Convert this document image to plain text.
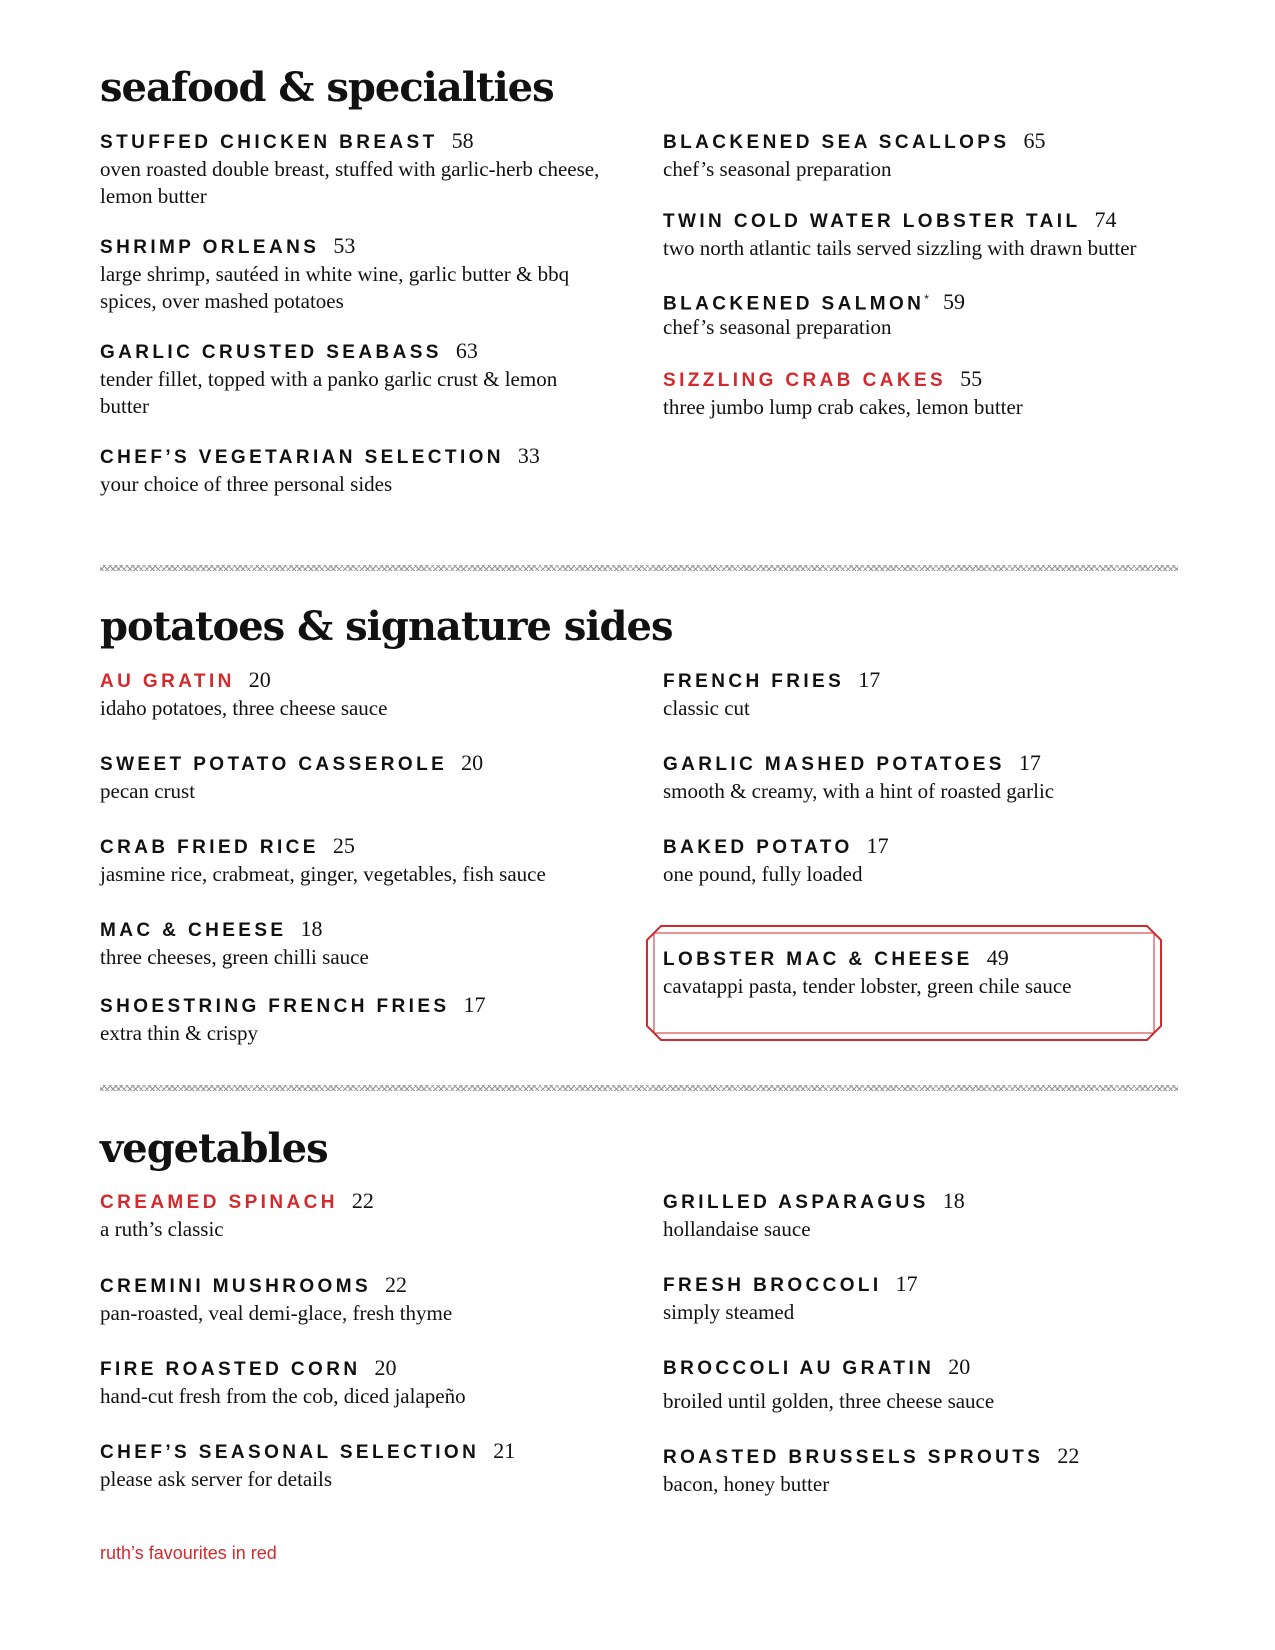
seafood & specialties
STUFFED CHICKEN BREAST 58
oven roasted double breast, stuffed with garlic-herb cheese, lemon butter
SHRIMP ORLEANS 53
large shrimp, sautéed in white wine, garlic butter & bbq spices, over mashed potatoes
GARLIC CRUSTED SEABASS 63
tender fillet, topped with a panko garlic crust & lemon butter
CHEF’S VEGETARIAN SELECTION 33
your choice of three personal sides
BLACKENED SEA SCALLOPS 65
chef’s seasonal preparation
TWIN COLD WATER LOBSTER TAIL 74
two north atlantic tails served sizzling with drawn butter
BLACKENED SALMON* 59
chef’s seasonal preparation
SIZZLING CRAB CAKES 55
three jumbo lump crab cakes, lemon butter
potatoes & signature sides
AU GRATIN 20
idaho potatoes, three cheese sauce
SWEET POTATO CASSEROLE 20
pecan crust
CRAB FRIED RICE 25
jasmine rice, crabmeat, ginger, vegetables, fish sauce
MAC & CHEESE 18
three cheeses, green chilli sauce
SHOESTRING FRENCH FRIES 17
extra thin & crispy
FRENCH FRIES 17
classic cut
GARLIC MASHED POTATOES 17
smooth & creamy, with a hint of roasted garlic
BAKED POTATO 17
one pound, fully loaded
LOBSTER MAC & CHEESE 49
cavatappi pasta, tender lobster, green chile sauce
vegetables
CREAMED SPINACH 22
a ruth’s classic
CREMINI MUSHROOMS 22
pan-roasted, veal demi-glace, fresh thyme
FIRE ROASTED CORN 20
hand-cut fresh from the cob, diced jalapeño
CHEF’S SEASONAL SELECTION 21
please ask server for details
GRILLED ASPARAGUS 18
hollandaise sauce
FRESH BROCCOLI 17
simply steamed
BROCCOLI AU GRATIN 20
broiled until golden, three cheese sauce
ROASTED BRUSSELS SPROUTS 22
bacon, honey butter

ruth’s favourites in red
